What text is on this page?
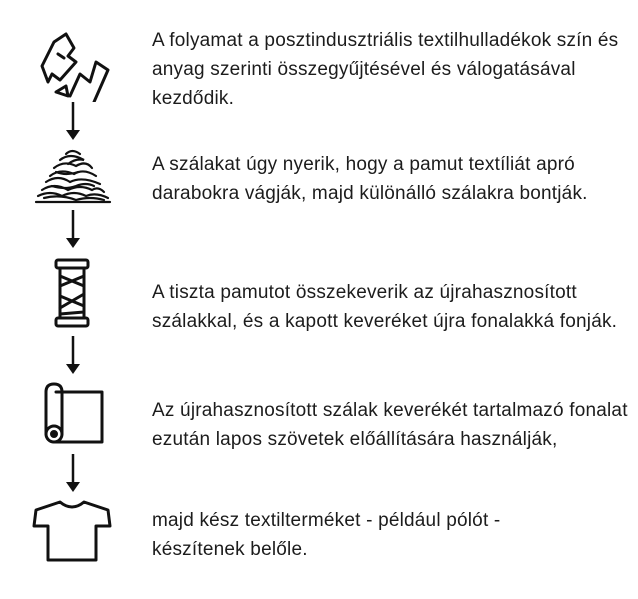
A folyamat a posztindusztriális textilhulladékok szín és anyag szerinti összegyűjtésével és válogatásával kezdődik.
A szálakat úgy nyerik, hogy a pamut textíliát apró darabokra vágják, majd különálló szálakra bontják.
A tiszta pamutot összekeverik az újrahasznosított szálakkal, és a kapott keveréket újra fonalakká fonják.
Az újrahasznosított szálak keverékét tartalmazó fonalat ezután lapos szövetek előállítására használják,
majd kész textilterméket - például pólót - készítenek belőle.
